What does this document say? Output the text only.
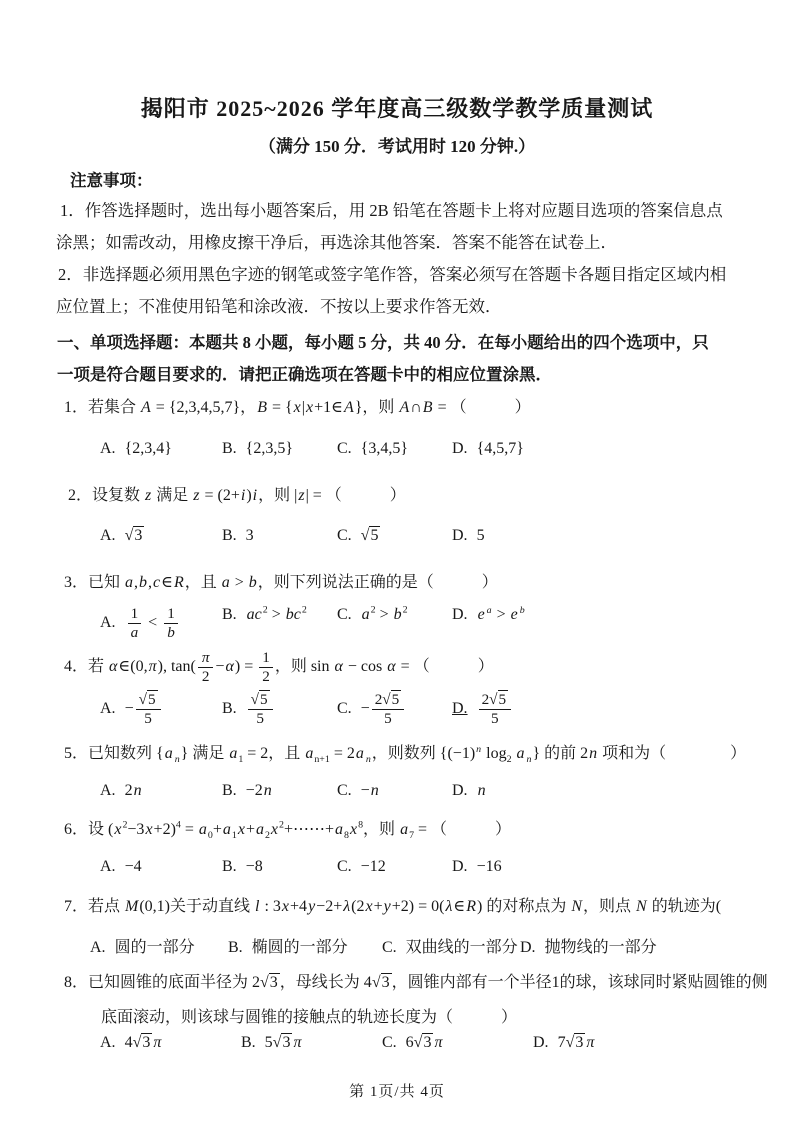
揭阳市 2025~2026 学年度高三级数学教学质量测试
（满分 150 分．考试用时 120 分钟.）
注意事项：
1．作答选择题时，选出每小题答案后，用 2B 铅笔在答题卡上将对应题目选项的答案信息点
涂黑；如需改动，用橡皮擦干净后，再选涂其他答案．答案不能答在试卷上．
2．非选择题必须用黑色字迹的钢笔或签字笔作答，答案必须写在答题卡各题目指定区域内相
应位置上；不准使用铅笔和涂改液．不按以上要求作答无效．
一、单项选择题：本题共 8 小题，每小题 5 分，共 40 分．在每小题给出的四个选项中，只
一项是符合题目要求的．请把正确选项在答题卡中的相应位置涂黑．
1．若集合 A = {2,3,4,5,7}，B = {x|x+1∈A}，则 A∩B = （　　　）
A. {2,3,4}	B. {2,3,5}	C. {3,4,5}	D. {4,5,7}
2．设复数 z 满足 z = (2+i)i，则 |z| = （　　　）
A. √3	B. 3	C. √5	D. 5
3．已知 a,b,c∈R，且 a > b，则下列说法正确的是（　　　）
A. $\frac{1}{a} < \frac{1}{b}$	B. $ac^2 > bc^2$ C. $a^2 > b^2$	D. e $^a$ > e $^b$
4．若 α∈(0,π), $\tan( \frac{\pi}{2} -\alpha) = \frac{1}{2}$ ，则 sin α − cos α = （　　　）
A. − $\frac{√5}{5}$	B. $\frac{√5}{5}$	C. − $\frac{2√5}{5}$	D. $\frac{2√5}{5}$
5．已知数列 {a $_n$} 满足 $a_1 = 2$，且 $a_{n+1} = 2a$ $_n$，则数列 {$(-1)^n$ $\log_2 a$ $_n$} 的前 2n 项和为（　　　　）
A. 2n	B. −2n	C. −n	D. n
6．设 $(x^2-3x+2)^4$ = $a_0+a_1x+a_2x^2+\cdots\cdots+a_8x^8$，则 $a_7$ = （　　　）
A. −4	B. −8	C. −12	D. −16
7．若点 M(0,1)关于动直线 l : 3x+4y−2+λ(2x+y+2) = 0(λ∈R) 的对称点为 N，则点 N 的轨迹为(
A. 圆的一部分 B. 椭圆的一部分 C. 双曲线的一部分 D. 抛物线的一部分
8．已知圆锥的底面半径为 2√3 ，母线长为 4√3 ，圆锥内部有一个半径1的球，该球同时紧贴圆锥的侧
底面滚动，则该球与圆锥的接触点的轨迹长度为（　　　）
A. 4√3 π	B. 5√3 π	C. 6√3 π	D. 7√3 π
第 1页/共 4页
